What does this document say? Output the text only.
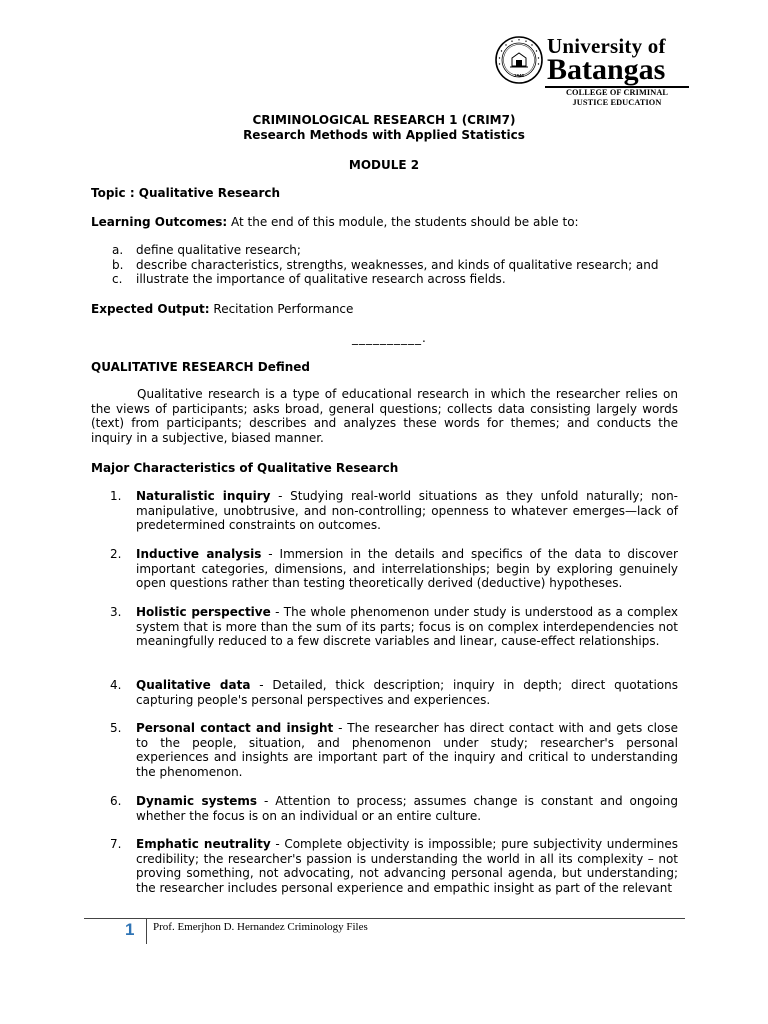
1946
University of
Batangas
COLLEGE OF CRIMINAL
JUSTICE EDUCATION
CRIMINOLOGICAL RESEARCH 1 (CRIM7)
Research Methods with Applied Statistics
MODULE 2
Topic : Qualitative Research
Learning Outcomes: At the end of this module, the students should be able to:
a. define qualitative research;
b. describe characteristics, strengths, weaknesses, and kinds of qualitative research; and
c. illustrate the importance of qualitative research across fields.
Expected Output: Recitation Performance
__________.
QUALITATIVE RESEARCH Defined
Qualitative research is a type of educational research in which the researcher relies on the views of participants; asks broad, general questions; collects data consisting largely words (text) from participants; describes and analyzes these words for themes; and conducts the inquiry in a subjective, biased manner.
Major Characteristics of Qualitative Research
1. Naturalistic inquiry - Studying real-world situations as they unfold naturally; non-manipulative, unobtrusive, and non-controlling; openness to whatever emerges—lack of predetermined constraints on outcomes.
2. Inductive analysis - Immersion in the details and specifics of the data to discover important categories, dimensions, and interrelationships; begin by exploring genuinely open questions rather than testing theoretically derived (deductive) hypotheses.
3. Holistic perspective - The whole phenomenon under study is understood as a complex system that is more than the sum of its parts; focus is on complex interdependencies not meaningfully reduced to a few discrete variables and linear, cause-effect relationships.
4. Qualitative data - Detailed, thick description; inquiry in depth; direct quotations capturing people's personal perspectives and experiences.
5. Personal contact and insight - The researcher has direct contact with and gets close to the people, situation, and phenomenon under study; researcher's personal experiences and insights are important part of the inquiry and critical to understanding the phenomenon.
6. Dynamic systems - Attention to process; assumes change is constant and ongoing whether the focus is on an individual or an entire culture.
7. Emphatic neutrality - Complete objectivity is impossible; pure subjectivity undermines credibility; the researcher's passion is understanding the world in all its complexity – not proving something, not advocating, not advancing personal agenda, but understanding; the researcher includes personal experience and empathic insight as part of the relevant
1 Prof. Emerjhon D. Hernandez Criminology Files
